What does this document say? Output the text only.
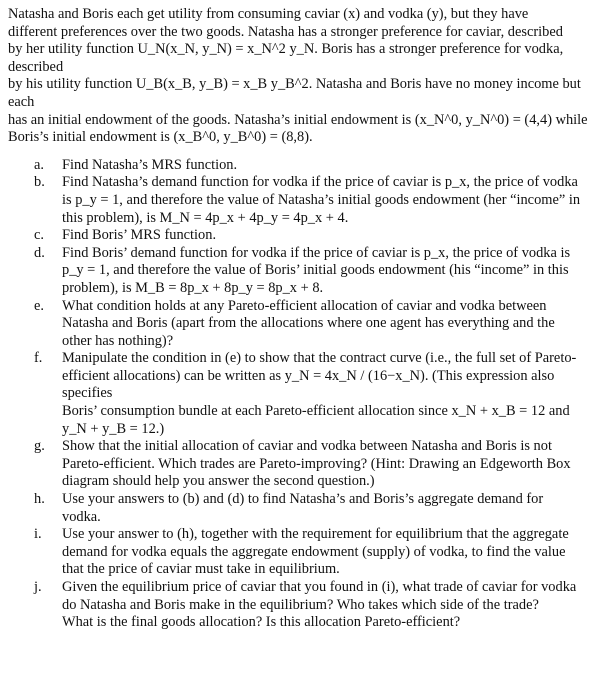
Natasha and Boris each get utility from consuming caviar (x) and vodka (y), but they have

different preferences over the two goods. Natasha has a stronger preference for caviar, described

by her utility function U_N(x_N, y_N) = x_N^2 y_N. Boris has a stronger preference for vodka, described

by his utility function U_B(x_B, y_B) = x_B y_B^2. Natasha and Boris have no money income but each

has an initial endowment of the goods. Natasha’s initial endowment is (x_N^0, y_N^0) = (4,4) while

Boris’s initial endowment is (x_B^0, y_B^0) = (8,8).

a.	Find Natasha’s MRS function.
b.	Find Natasha’s demand function for vodka if the price of caviar is p_x, the price of vodka
is p_y = 1, and therefore the value of Natasha’s initial goods endowment (her “income” in
this problem), is M_N = 4p_x + 4p_y = 4p_x + 4.
c.	Find Boris’ MRS function.
d.	Find Boris’ demand function for vodka if the price of caviar is p_x, the price of vodka is
p_y = 1, and therefore the value of Boris’ initial goods endowment (his “income” in this
problem), is M_B = 8p_x + 8p_y = 8p_x + 8.
e.	What condition holds at any Pareto-efficient allocation of caviar and vodka between
Natasha and Boris (apart from the allocations where one agent has everything and the
other has nothing)?
f.	Manipulate the condition in (e) to show that the contract curve (i.e., the full set of Pareto-
efficient allocations) can be written as y_N = 4x_N / (16−x_N). (This expression also specifies
Boris’ consumption bundle at each Pareto-efficient allocation since x_N + x_B = 12 and
y_N + y_B = 12.)
g.	Show that the initial allocation of caviar and vodka between Natasha and Boris is not
Pareto-efficient. Which trades are Pareto-improving? (Hint: Drawing an Edgeworth Box
diagram should help you answer the second question.)
h.	Use your answers to (b) and (d) to find Natasha’s and Boris’s aggregate demand for
vodka.
i.	Use your answer to (h), together with the requirement for equilibrium that the aggregate
demand for vodka equals the aggregate endowment (supply) of vodka, to find the value
that the price of caviar must take in equilibrium.
j.	Given the equilibrium price of caviar that you found in (i), what trade of caviar for vodka
do Natasha and Boris make in the equilibrium? Who takes which side of the trade?
What is the final goods allocation? Is this allocation Pareto-efficient?
